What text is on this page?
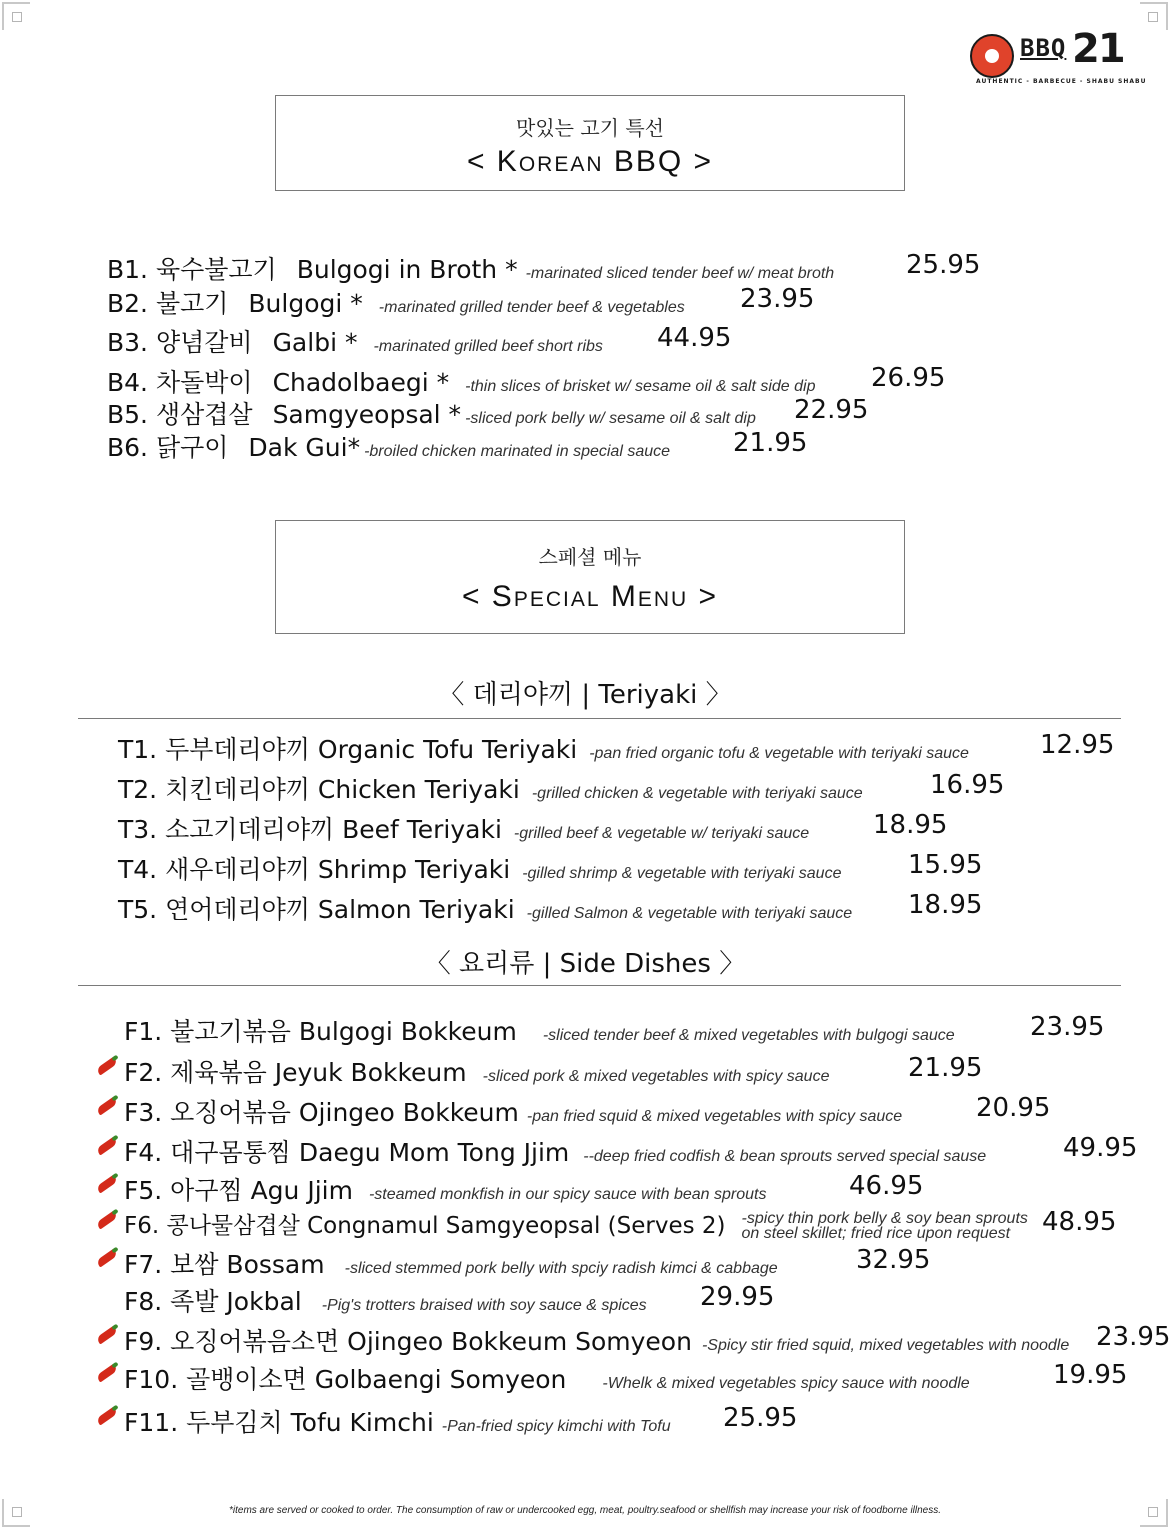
BBQ 21
AUTHENTIC - BARBECUE - SHABU SHABU
맛있는 고기 특선
< Korean BBQ >
B1. 육수불고기 Bulgogi in Broth * -marinated sliced tender beef w/ meat broth	25.95
B2. 불고기 Bulgogi * -marinated grilled tender beef & vegetables 23.95
B3. 양념갈비 Galbi * -marinated grilled beef short ribs 44.95
B4. 차돌박이 Chadolbaegi * -thin slices of brisket w/ sesame oil & salt side dip 26.95
B5. 생삼겹살 Samgyeopsal * -sliced pork belly w/ sesame oil & salt dip 22.95
B6. 닭구이 Dak Gui* -broiled chicken marinated in special sauce 21.95
스페셜 메뉴
< Special Menu >
〈 데리야끼 | Teriyaki 〉
T1. 두부데리야끼 Organic Tofu Teriyaki -pan fried organic tofu & vegetable with teriyaki sauce	12.95
T2. 치킨데리야끼 Chicken Teriyaki -grilled chicken & vegetable with teriyaki sauce	16.95
T3. 소고기데리야끼 Beef Teriyaki -grilled beef & vegetable w/ teriyaki sauce 18.95
T4. 새우데리야끼 Shrimp Teriyaki -gilled shrimp & vegetable with teriyaki sauce	15.95
T5. 연어데리야끼 Salmon Teriyaki -gilled Salmon & vegetable with teriyaki sauce 18.95
〈 요리류 | Side Dishes 〉
F1. 불고기볶음 Bulgogi Bokkeum -sliced tender beef & mixed vegetables with bulgogi sauce	23.95
F2. 제육볶음 Jeyuk Bokkeum -sliced pork & mixed vegetables with spicy sauce	21.95
F3. 오징어볶음 Ojingeo Bokkeum -pan fried squid & mixed vegetables with spicy sauce	20.95
F4. 대구몸통찜 Daegu Mom Tong Jjim --deep fried codfish & bean sprouts served special sause	49.95
F5. 아구찜 Agu Jjim -steamed monkfish in our spicy sauce with bean sprouts	46.95
F6. 콩나물삼겹살 Congnamul Samgyeopsal (Serves 2) -spicy thin pork belly & soy bean sprouts
on steel skillet; fried rice upon request	48.95
F7. 보쌈 Bossam -sliced stemmed pork belly with spciy radish kimci & cabbage	32.95
F8. 족발 Jokbal -Pig's trotters braised with soy sauce & spices 29.95
F9. 오징어볶음소면 Ojingeo Bokkeum Somyeon -Spicy stir fried squid, mixed vegetables with noodle 23.95
F10. 골뱅이소면 Golbaengi Somyeon -Whelk & mixed vegetables spicy sauce with noodle	19.95
F11. 두부김치 Tofu Kimchi -Pan-fried spicy kimchi with Tofu 25.95
*items are served or cooked to order. The consumption of raw or undercooked egg, meat, poultry.seafood or shellfish may increase your risk of foodborne illness.
